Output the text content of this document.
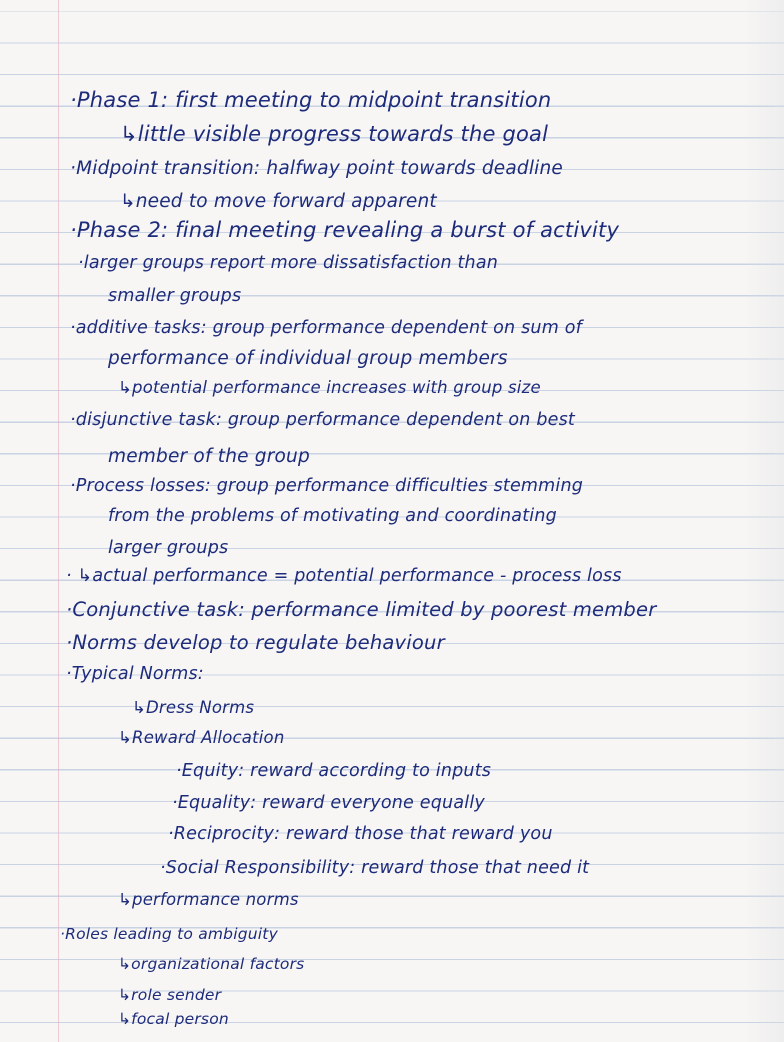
·Phase 1: first meeting to midpoint transition
↳little visible progress towards the goal
·Midpoint transition: halfway point towards deadline
↳need to move forward apparent
·Phase 2: final meeting revealing a burst of activity
·larger groups report more dissatisfaction than
smaller groups
·additive tasks: group performance dependent on sum of
performance of individual group members
↳potential performance increases with group size
·disjunctive task: group performance dependent on best
member of the group
·Process losses: group performance difficulties stemming
from the problems of motivating and coordinating
larger groups
· ↳actual performance = potential performance - process loss
·Conjunctive task: performance limited by poorest member
·Norms develop to regulate behaviour
·Typical Norms:
↳Dress Norms
↳Reward Allocation
·Equity: reward according to inputs
·Equality: reward everyone equally
·Reciprocity: reward those that reward you
·Social Responsibility: reward those that need it
↳performance norms
·Roles leading to ambiguity
↳organizational factors
↳role sender
↳focal person
